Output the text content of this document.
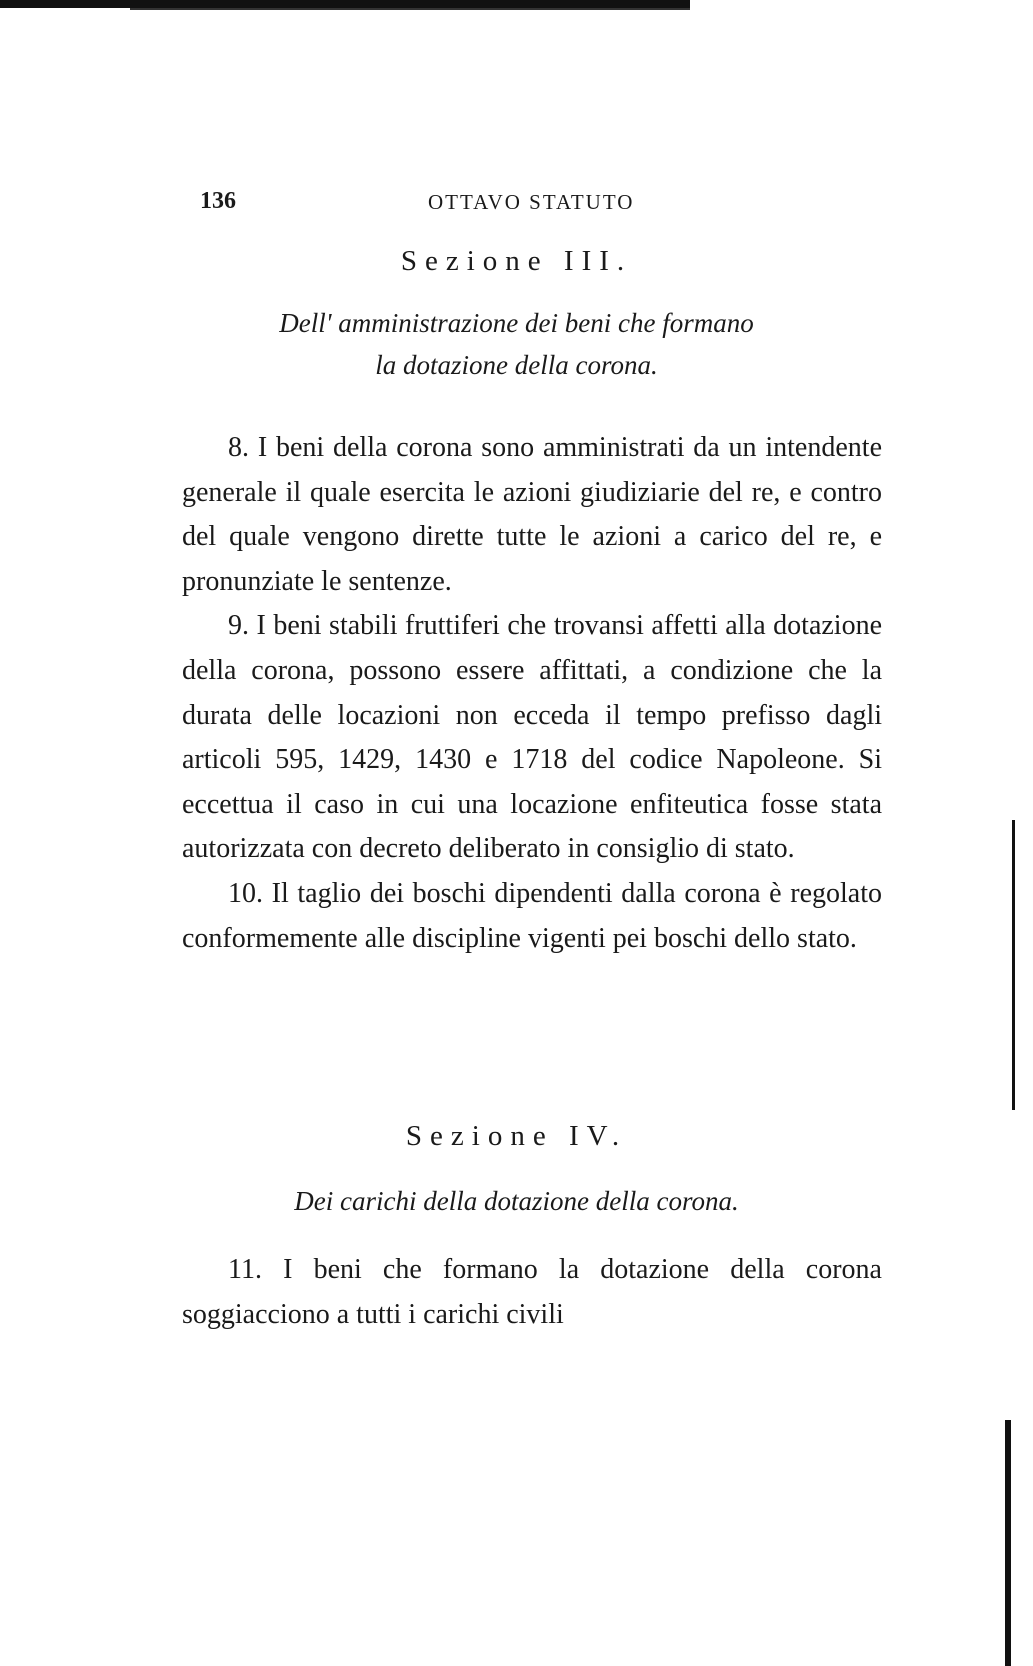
136	OTTAVO STATUTO
Sezione III.
Dell' amministrazione dei beni che formano
la dotazione della corona.

8. I beni della corona sono amministrati da un intendente generale il quale esercita le azioni giudiziarie del re, e contro del quale vengono dirette tutte le azioni a carico del re, e pronunziate le sentenze.

9. I beni stabili fruttiferi che trovansi affetti alla dotazione della corona, possono essere affittati, a condizione che la durata delle locazioni non ecceda il tempo prefisso dagli articoli 595, 1429, 1430 e 1718 del codice Napoleone. Si eccettua il caso in cui una locazione enfiteutica fosse stata autorizzata con decreto deliberato in consiglio di stato.

10. Il taglio dei boschi dipendenti dalla corona è regolato conformemente alle discipline vigenti pei boschi dello stato.

Sezione IV.
Dei carichi della dotazione della corona.

11. I beni che formano la dotazione della corona soggiacciono a tutti i carichi civili
